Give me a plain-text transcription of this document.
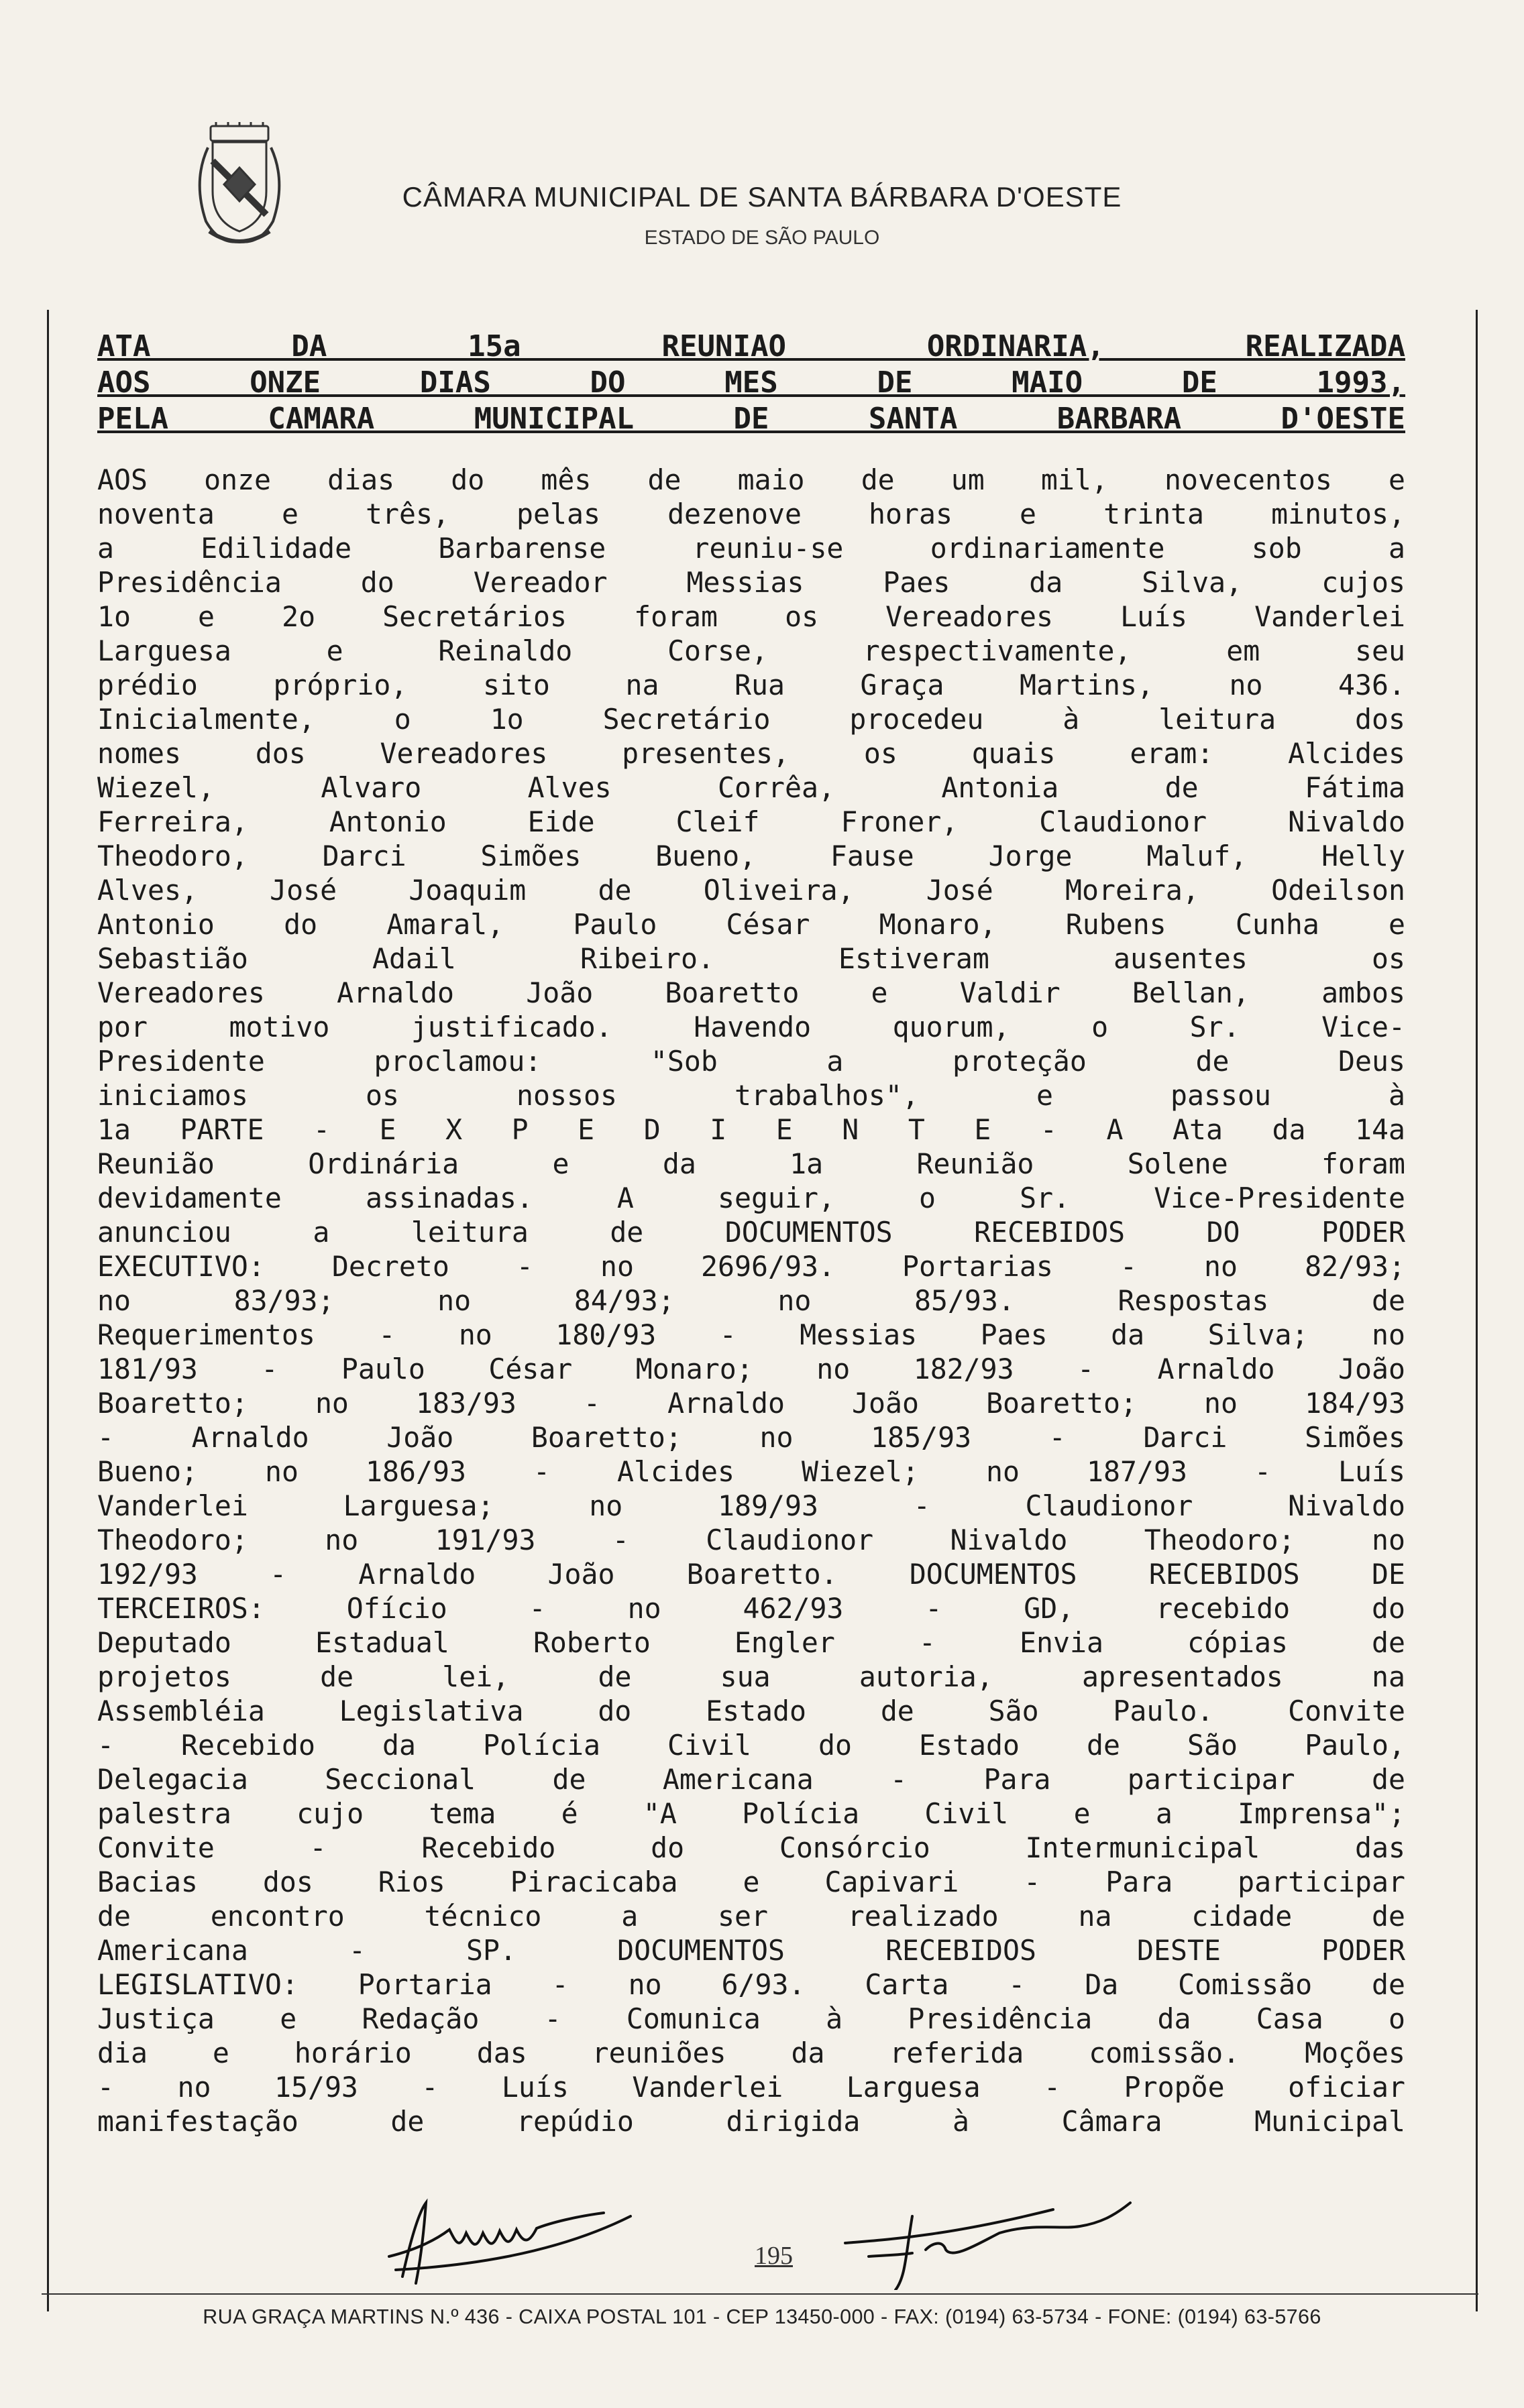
CÂMARA MUNICIPAL DE SANTA BÁRBARA D'OESTE
ESTADO DE SÃO PAULO
ATA DA 15a REUNIAO ORDINARIA, REALIZADA
AOS ONZE DIAS DO MES DE MAIO DE 1993,
PELA CAMARA MUNICIPAL DE SANTA BARBARA D'OESTE
AOS onze dias do mês de maio de um mil, novecentos e
noventa e três, pelas dezenove horas e trinta minutos,
a Edilidade Barbarense reuniu-se ordinariamente sob a
Presidência do Vereador Messias Paes da Silva, cujos
1o e 2o Secretários foram os Vereadores Luís Vanderlei
Larguesa e Reinaldo Corse, respectivamente, em seu
prédio próprio, sito na Rua Graça Martins, no 436.
Inicialmente, o 1o Secretário procedeu à leitura dos
nomes dos Vereadores presentes, os quais eram: Alcides
Wiezel, Alvaro Alves Corrêa, Antonia de Fátima
Ferreira, Antonio Eide Cleif Froner, Claudionor Nivaldo
Theodoro, Darci Simões Bueno, Fause Jorge Maluf, Helly
Alves, José Joaquim de Oliveira, José Moreira, Odeilson
Antonio do Amaral, Paulo César Monaro, Rubens Cunha e
Sebastião Adail Ribeiro. Estiveram ausentes os
Vereadores Arnaldo João Boaretto e Valdir Bellan, ambos
por motivo justificado. Havendo quorum, o Sr. Vice-
Presidente proclamou: "Sob a proteção de Deus
iniciamos os nossos trabalhos", e passou à
1a PARTE - E X P E D I E N T E - A Ata da 14a
Reunião Ordinária e da 1a Reunião Solene foram
devidamente assinadas. A seguir, o Sr. Vice-Presidente
anunciou a leitura de DOCUMENTOS RECEBIDOS DO PODER
EXECUTIVO: Decreto - no 2696/93. Portarias - no 82/93;
no 83/93; no 84/93; no 85/93. Respostas de
Requerimentos - no 180/93 - Messias Paes da Silva; no
181/93 - Paulo César Monaro; no 182/93 - Arnaldo João
Boaretto; no 183/93 - Arnaldo João Boaretto; no 184/93
- Arnaldo João Boaretto; no 185/93 - Darci Simões
Bueno; no 186/93 - Alcides Wiezel; no 187/93 - Luís
Vanderlei Larguesa; no 189/93 - Claudionor Nivaldo
Theodoro; no 191/93 - Claudionor Nivaldo Theodoro; no
192/93 - Arnaldo João Boaretto. DOCUMENTOS RECEBIDOS DE
TERCEIROS: Ofício - no 462/93 - GD, recebido do
Deputado Estadual Roberto Engler - Envia cópias de
projetos de lei, de sua autoria, apresentados na
Assembléia Legislativa do Estado de São Paulo. Convite
- Recebido da Polícia Civil do Estado de São Paulo,
Delegacia Seccional de Americana - Para participar de
palestra cujo tema é "A Polícia Civil e a Imprensa";
Convite - Recebido do Consórcio Intermunicipal das
Bacias dos Rios Piracicaba e Capivari - Para participar
de encontro técnico a ser realizado na cidade de
Americana - SP. DOCUMENTOS RECEBIDOS DESTE PODER
LEGISLATIVO: Portaria - no 6/93. Carta - Da Comissão de
Justiça e Redação - Comunica à Presidência da Casa o
dia e horário das reuniões da referida comissão. Moções
- no 15/93 - Luís Vanderlei Larguesa - Propõe oficiar
manifestação de repúdio dirigida à Câmara Municipal
195
RUA GRAÇA MARTINS N.º 436 - CAIXA POSTAL 101 - CEP 13450-000 - FAX: (0194) 63-5734 - FONE: (0194) 63-5766
